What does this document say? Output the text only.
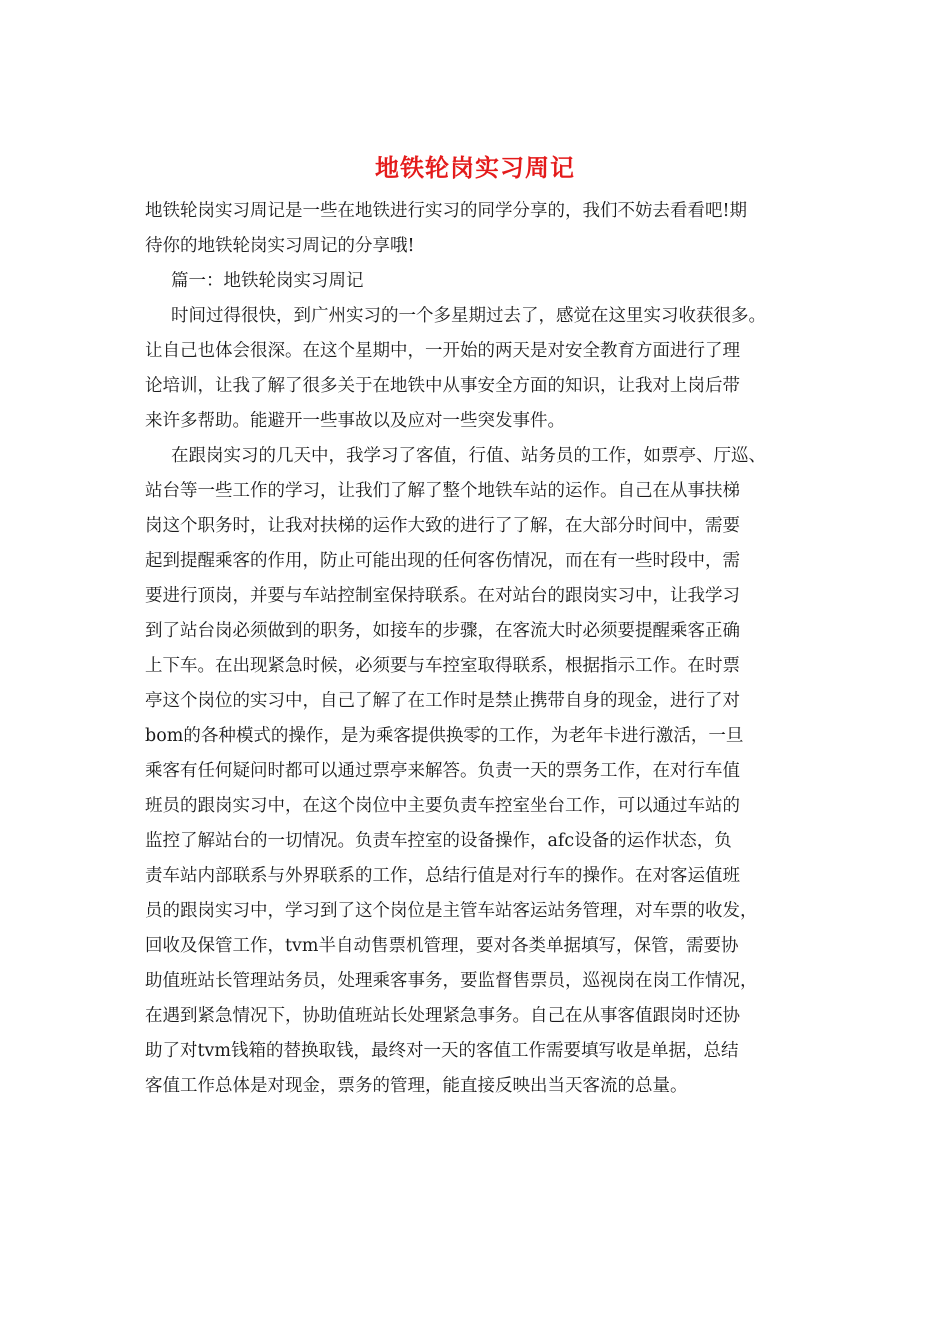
地铁轮岗实习周记
地铁轮岗实习周记是一些在地铁进行实习的同学分享的，我们不妨去看看吧!期
待你的地铁轮岗实习周记的分享哦!
篇一：地铁轮岗实习周记
时间过得很快，到广州实习的一个多星期过去了，感觉在这里实习收获很多。
让自己也体会很深。在这个星期中，一开始的两天是对安全教育方面进行了理
论培训，让我了解了很多关于在地铁中从事安全方面的知识，让我对上岗后带
来许多帮助。能避开一些事故以及应对一些突发事件。
在跟岗实习的几天中，我学习了客值，行值、站务员的工作，如票亭、厅巡、
站台等一些工作的学习，让我们了解了整个地铁车站的运作。自己在从事扶梯
岗这个职务时，让我对扶梯的运作大致的进行了了解，在大部分时间中，需要
起到提醒乘客的作用，防止可能出现的任何客伤情况，而在有一些时段中，需
要进行顶岗，并要与车站控制室保持联系。在对站台的跟岗实习中，让我学习
到了站台岗必须做到的职务，如接车的步骤，在客流大时必须要提醒乘客正确
上下车。在出现紧急时候，必须要与车控室取得联系，根据指示工作。在时票
亭这个岗位的实习中，自己了解了在工作时是禁止携带自身的现金，进行了对
bom的各种模式的操作，是为乘客提供换零的工作，为老年卡进行激活，一旦
乘客有任何疑问时都可以通过票亭来解答。负责一天的票务工作，在对行车值
班员的跟岗实习中，在这个岗位中主要负责车控室坐台工作，可以通过车站的
监控了解站台的一切情况。负责车控室的设备操作，afc设备的运作状态，负
责车站内部联系与外界联系的工作，总结行值是对行车的操作。在对客运值班
员的跟岗实习中，学习到了这个岗位是主管车站客运站务管理，对车票的收发，
回收及保管工作，tvm半自动售票机管理，要对各类单据填写，保管，需要协
助值班站长管理站务员，处理乘客事务，要监督售票员，巡视岗在岗工作情况，
在遇到紧急情况下，协助值班站长处理紧急事务。自己在从事客值跟岗时还协
助了对tvm钱箱的替换取钱，最终对一天的客值工作需要填写收是单据，总结
客值工作总体是对现金，票务的管理，能直接反映出当天客流的总量。
